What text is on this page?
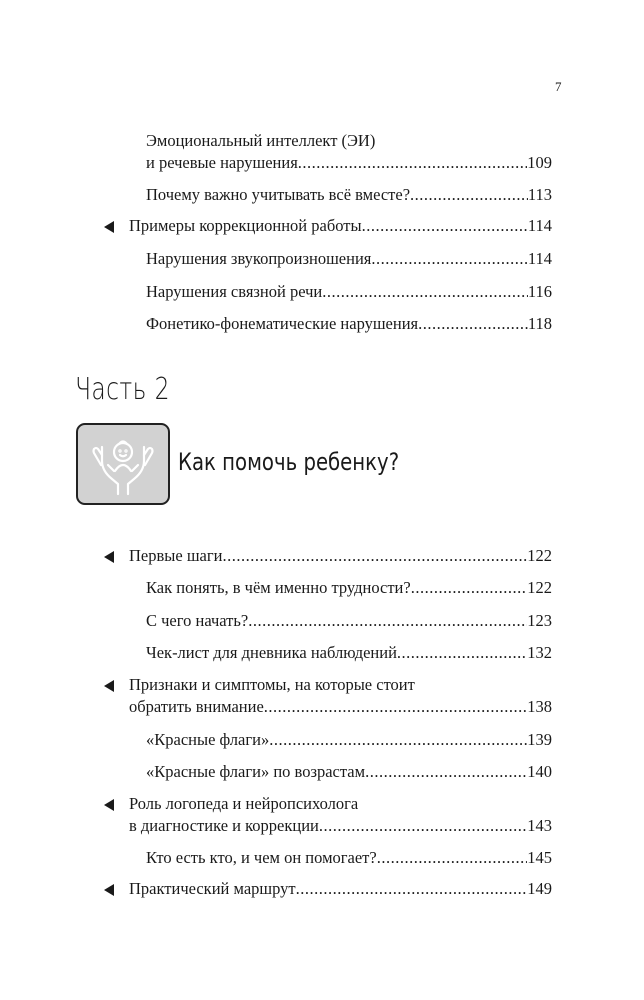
7
Эмоциональный интеллект (ЭИ)
и речевые нарушения .....	109
Почему важно учитывать всё вместе? .....	113
Примеры коррекционной работы .....	114
Нарушения звукопроизношения .....	114
Нарушения связной речи .....	116
Фонетико-фонематические нарушения .....	118
Часть 2
Как помочь ребенку?
Первые шаги .....	122
Как понять, в чём именно трудности? .....	122
С чего начать? .....	123
Чек-лист для дневника наблюдений .....	132
Признаки и симптомы, на которые стоит
обратить внимание .....	138
«Красные флаги» .....	139
«Красные флаги» по возрастам .....	140
Роль логопеда и нейропсихолога
в диагностике и коррекции .....	143
Кто есть кто, и чем он помогает? .....	145
Практический маршрут .....	149
